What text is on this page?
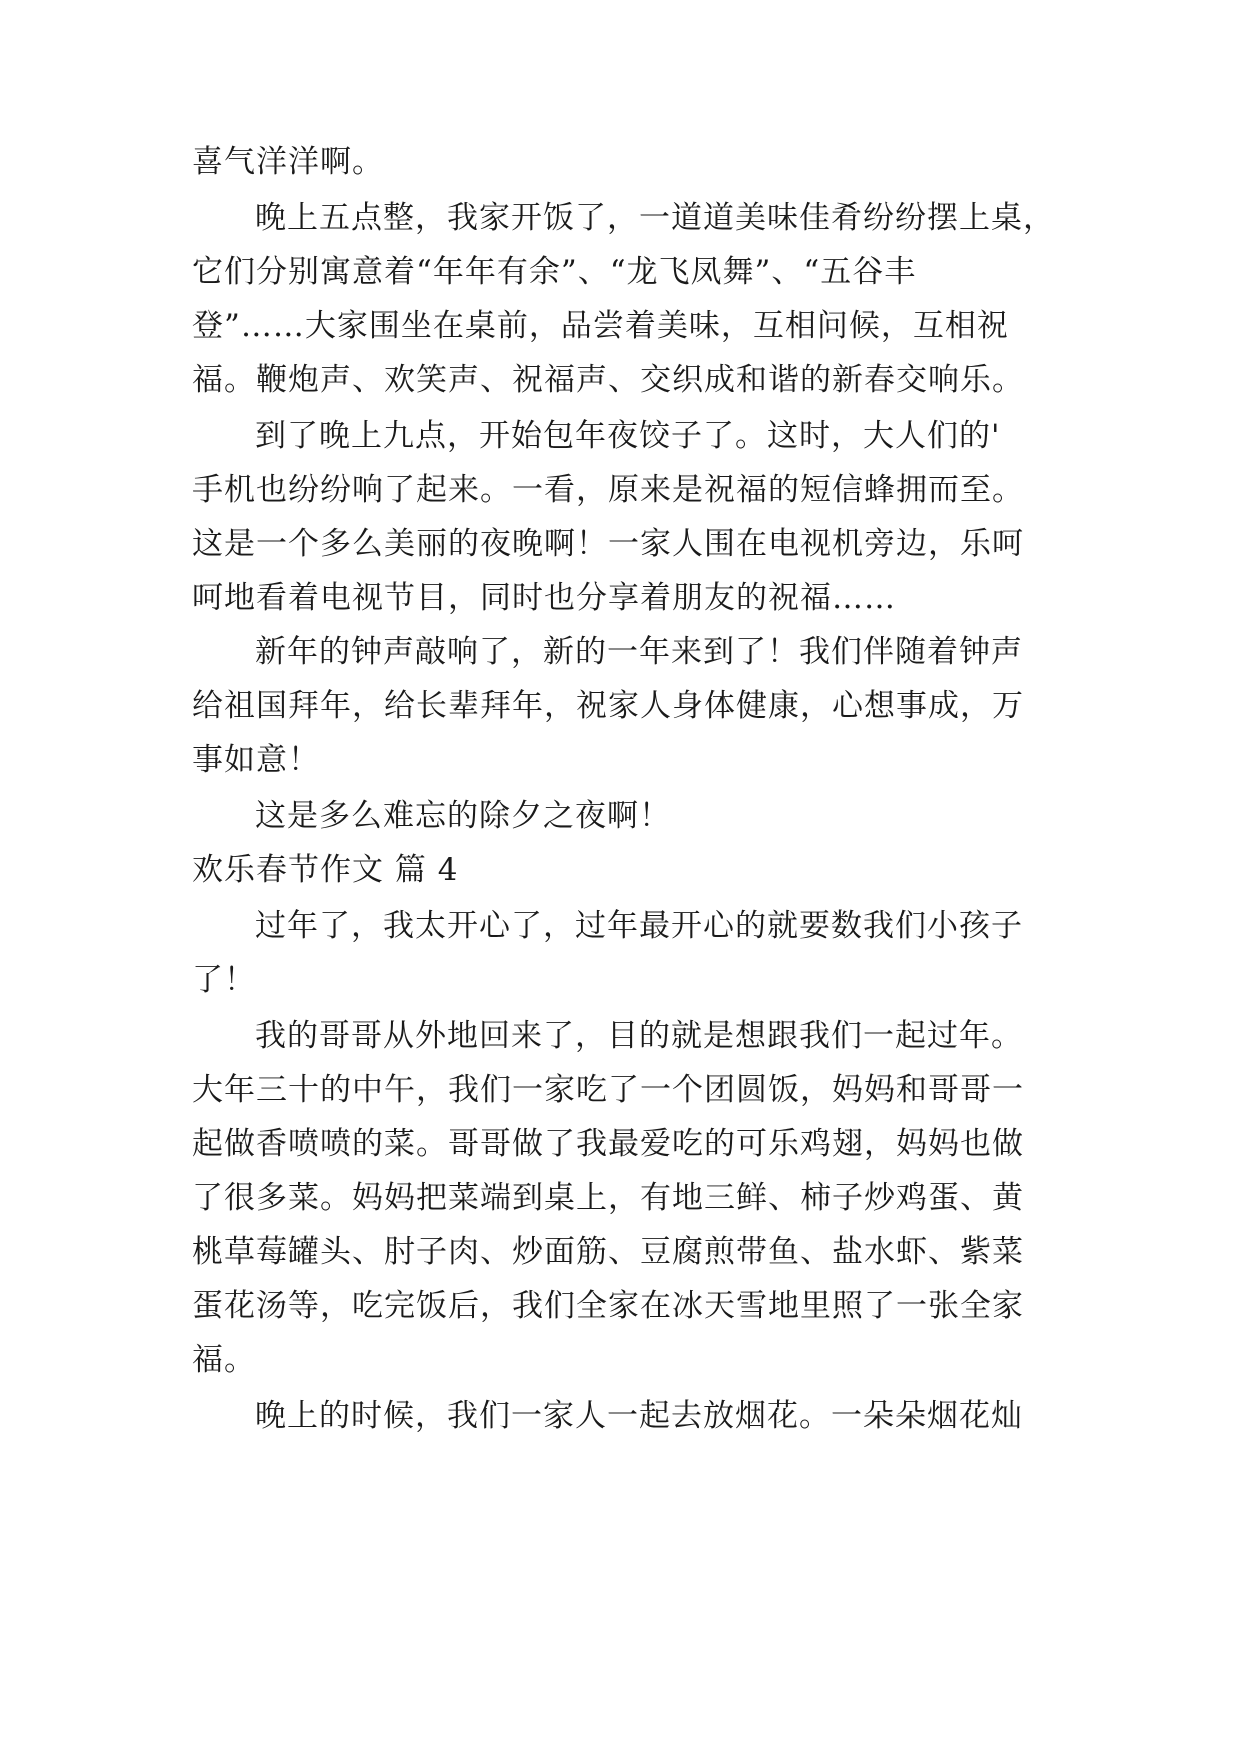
喜气洋洋啊。
晚上五点整，我家开饭了，一道道美味佳肴纷纷摆上桌，
它们分别寓意着“年年有余”、“龙飞凤舞”、“五谷丰
登”……大家围坐在桌前，品尝着美味，互相问候，互相祝
福。鞭炮声、欢笑声、祝福声、交织成和谐的新春交响乐。
到了晚上九点，开始包年夜饺子了。这时，大人们的'
手机也纷纷响了起来。一看，原来是祝福的短信蜂拥而至。
这是一个多么美丽的夜晚啊！一家人围在电视机旁边，乐呵
呵地看着电视节目，同时也分享着朋友的祝福……
新年的钟声敲响了，新的一年来到了！我们伴随着钟声
给祖国拜年，给长辈拜年，祝家人身体健康，心想事成，万
事如意！
这是多么难忘的除夕之夜啊！
欢乐春节作文 篇 4
过年了，我太开心了，过年最开心的就要数我们小孩子
了！
我的哥哥从外地回来了，目的就是想跟我们一起过年。
大年三十的中午，我们一家吃了一个团圆饭，妈妈和哥哥一
起做香喷喷的菜。哥哥做了我最爱吃的可乐鸡翅，妈妈也做
了很多菜。妈妈把菜端到桌上，有地三鲜、柿子炒鸡蛋、黄
桃草莓罐头、肘子肉、炒面筋、豆腐煎带鱼、盐水虾、紫菜
蛋花汤等，吃完饭后，我们全家在冰天雪地里照了一张全家
福。
晚上的时候，我们一家人一起去放烟花。一朵朵烟花灿
